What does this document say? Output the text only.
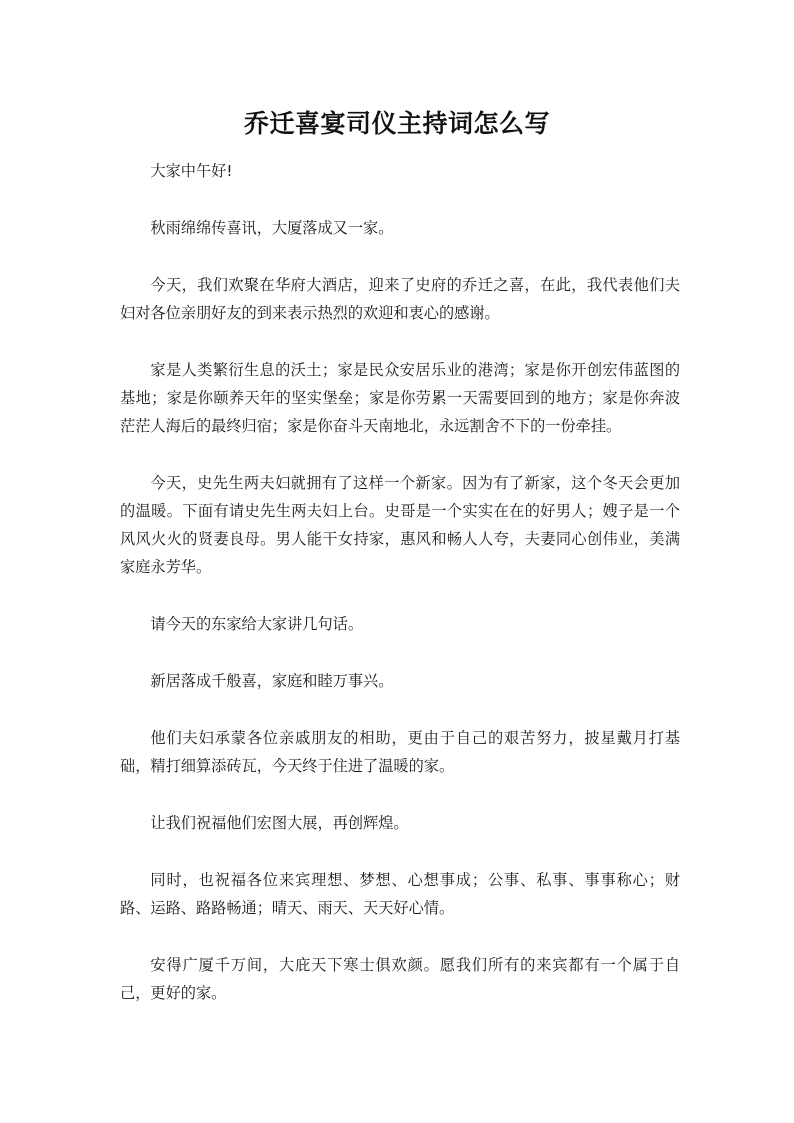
乔迁喜宴司仪主持词怎么写

大家中午好!

秋雨绵绵传喜讯，大厦落成又一家。

今天，我们欢聚在华府大酒店，迎来了史府的乔迁之喜，在此，我代表他们夫妇对各位亲朋好友的到来表示热烈的欢迎和衷心的感谢。

家是人类繁衍生息的沃土；家是民众安居乐业的港湾；家是你开创宏伟蓝图的基地；家是你颐养天年的坚实堡垒；家是你劳累一天需要回到的地方；家是你奔波茫茫人海后的最终归宿；家是你奋斗天南地北，永远割舍不下的一份牵挂。

今天，史先生两夫妇就拥有了这样一个新家。因为有了新家，这个冬天会更加的温暖。下面有请史先生两夫妇上台。史哥是一个实实在在的好男人；嫂子是一个风风火火的贤妻良母。男人能干女持家，惠风和畅人人夸，夫妻同心创伟业，美满家庭永芳华。

请今天的东家给大家讲几句话。

新居落成千般喜，家庭和睦万事兴。

他们夫妇承蒙各位亲戚朋友的相助，更由于自己的艰苦努力，披星戴月打基础，精打细算添砖瓦，今天终于住进了温暖的家。

让我们祝福他们宏图大展，再创辉煌。

同时，也祝福各位来宾理想、梦想、心想事成；公事、私事、事事称心；财路、运路、路路畅通；晴天、雨天、天天好心情。

安得广厦千万间，大庇天下寒士俱欢颜。愿我们所有的来宾都有一个属于自己，更好的家。
